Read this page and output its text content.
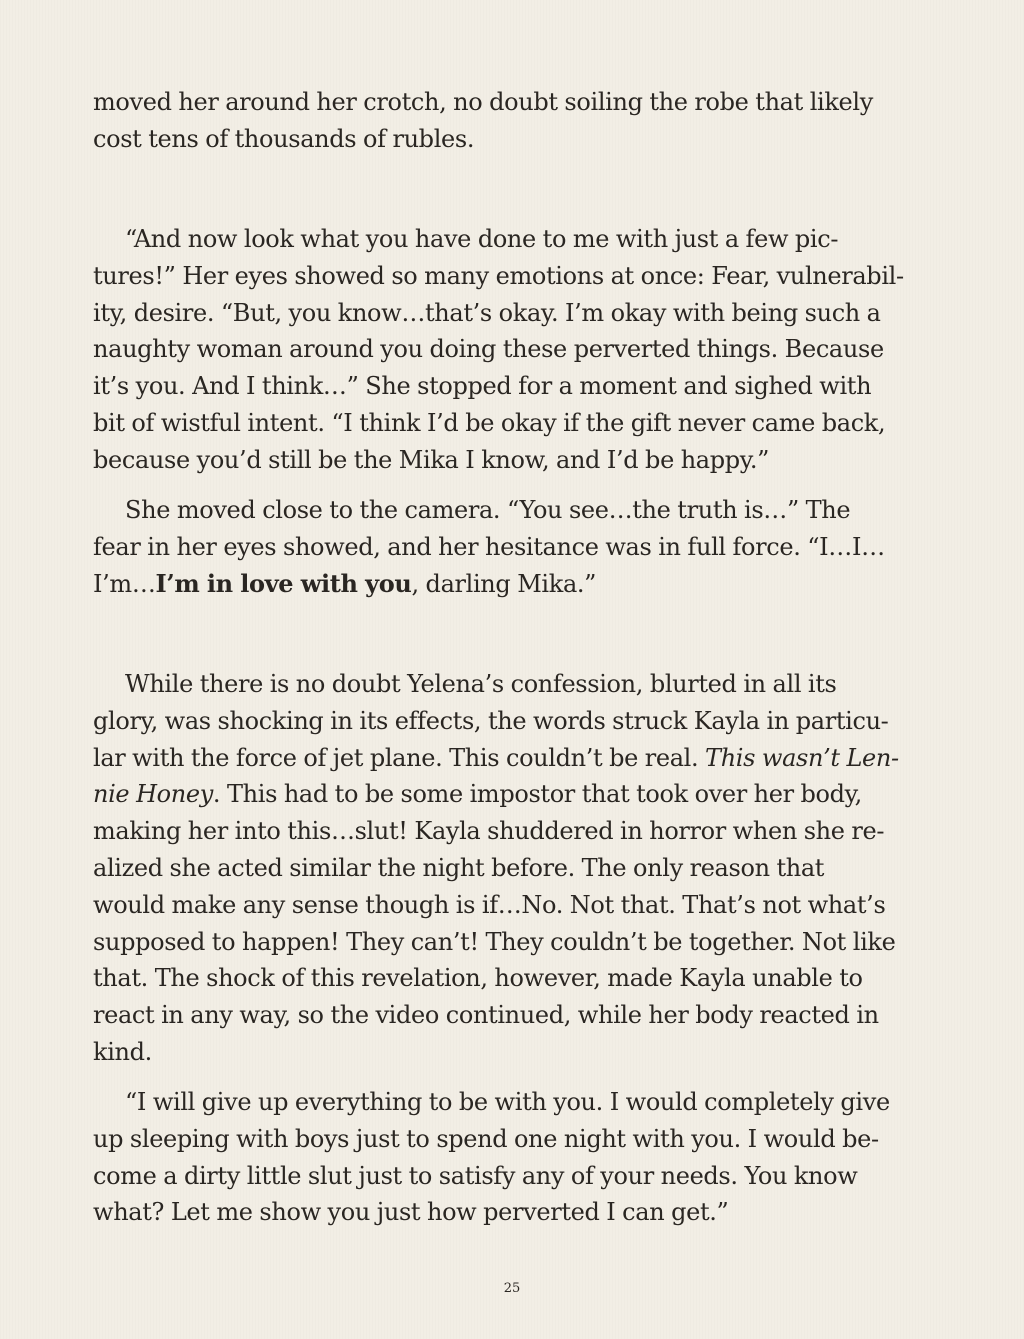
moved her around her crotch, no doubt soiling the robe that likely
cost tens of thousands of rubles.

“And now look what you have done to me with just a few pic-
tures!” Her eyes showed so many emotions at once: Fear, vulnerabil-
ity, desire. “But, you know…that’s okay. I’m okay with being such a
naughty woman around you doing these perverted things. Because
it’s you. And I think…” She stopped for a moment and sighed with
bit of wistful intent. “I think I’d be okay if the gift never came back,
because you’d still be the Mika I know, and I’d be happy.”

She moved close to the camera. “You see…the truth is…” The
fear in her eyes showed, and her hesitance was in full force. “I…I…
I’m…I’m in love with you, darling Mika.”

While there is no doubt Yelena’s confession, blurted in all its
glory, was shocking in its effects, the words struck Kayla in particu-
lar with the force of jet plane. This couldn’t be real. This wasn’t Len-
nie Honey. This had to be some impostor that took over her body,
making her into this…slut! Kayla shuddered in horror when she re-
alized she acted similar the night before. The only reason that
would make any sense though is if…No. Not that. That’s not what’s
supposed to happen! They can’t! They couldn’t be together. Not like
that. The shock of this revelation, however, made Kayla unable to
react in any way, so the video continued, while her body reacted in
kind.

“I will give up everything to be with you. I would completely give
up sleeping with boys just to spend one night with you. I would be-
come a dirty little slut just to satisfy any of your needs. You know
what? Let me show you just how perverted I can get.”

25
